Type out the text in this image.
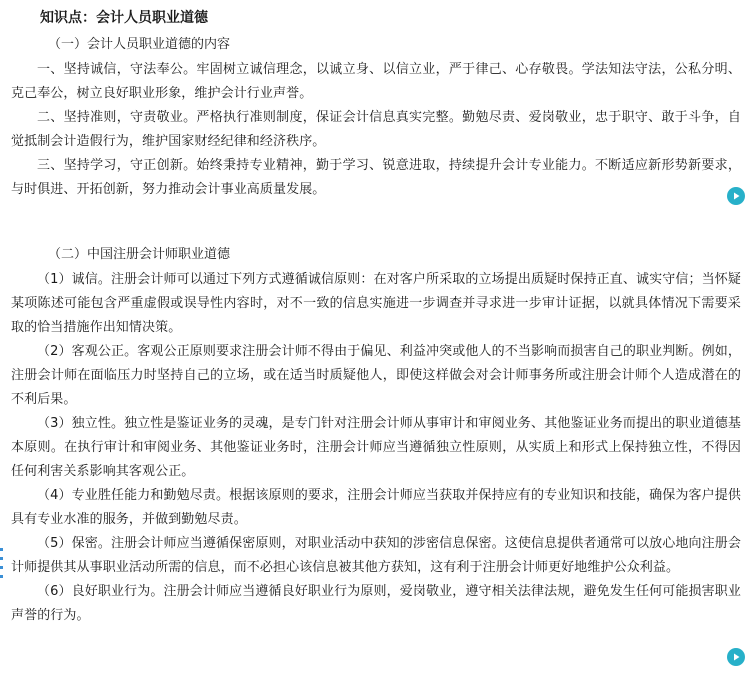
知识点：会计人员职业道德
（一）会计人员职业道德的内容

一、坚持诚信，守法奉公。牢固树立诚信理念，以诚立身、以信立业，严于律己、心存敬畏。学法知法守法，公私分明、克己奉公，树立良好职业形象，维护会计行业声誉。

二、坚持准则，守责敬业。严格执行准则制度，保证会计信息真实完整。勤勉尽责、爱岗敬业，忠于职守、敢于斗争，自觉抵制会计造假行为，维护国家财经纪律和经济秩序。

三、坚持学习，守正创新。始终秉持专业精神，勤于学习、锐意进取，持续提升会计专业能力。不断适应新形势新要求，与时俱进、开拓创新，努力推动会计事业高质量发展。

（二）中国注册会计师职业道德

（1）诚信。注册会计师可以通过下列方式遵循诚信原则：在对客户所采取的立场提出质疑时保持正直、诚实守信；当怀疑某项陈述可能包含严重虚假或误导性内容时，对不一致的信息实施进一步调查并寻求进一步审计证据，以就具体情况下需要采取的恰当措施作出知情决策。

（2）客观公正。客观公正原则要求注册会计师不得由于偏见、利益冲突或他人的不当影响而损害自己的职业判断。例如，注册会计师在面临压力时坚持自己的立场，或在适当时质疑他人，即使这样做会对会计师事务所或注册会计师个人造成潜在的不利后果。

（3）独立性。独立性是鉴证业务的灵魂，是专门针对注册会计师从事审计和审阅业务、其他鉴证业务而提出的职业道德基本原则。在执行审计和审阅业务、其他鉴证业务时，注册会计师应当遵循独立性原则，从实质上和形式上保持独立性，不得因任何利害关系影响其客观公正。

（4）专业胜任能力和勤勉尽责。根据该原则的要求，注册会计师应当获取并保持应有的专业知识和技能，确保为客户提供具有专业水准的服务，并做到勤勉尽责。

（5）保密。注册会计师应当遵循保密原则，对职业活动中获知的涉密信息保密。这使信息提供者通常可以放心地向注册会计师提供其从事职业活动所需的信息，而不必担心该信息被其他方获知，这有利于注册会计师更好地维护公众利益。

（6）良好职业行为。注册会计师应当遵循良好职业行为原则，爱岗敬业，遵守相关法律法规，避免发生任何可能损害职业声誉的行为。
